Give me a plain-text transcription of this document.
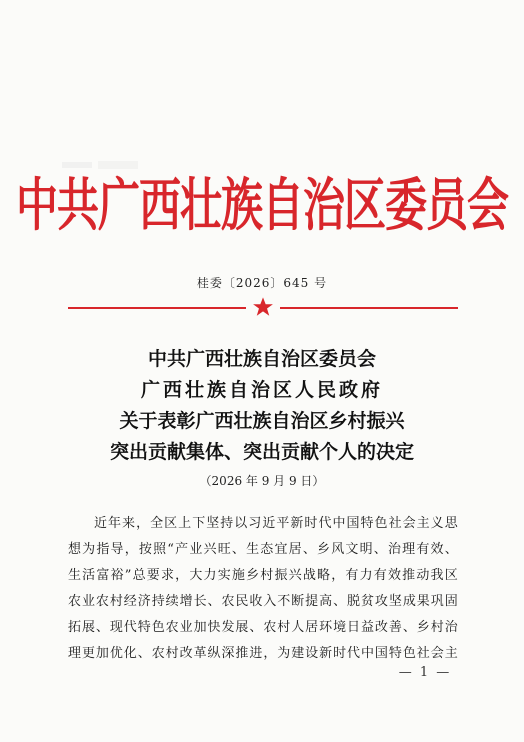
中共广西壮族自治区委员会
桂委〔2026〕645 号
中共广西壮族自治区委员会
广西壮族自治区人民政府
关于表彰广西壮族自治区乡村振兴
突出贡献集体、突出贡献个人的决定
（2026 年 9 月 9 日）
近年来，全区上下坚持以习近平新时代中国特色社会主义思
想为指导，按照“产业兴旺、生态宜居、乡风文明、治理有效、
生活富裕”总要求，大力实施乡村振兴战略，有力有效推动我区
农业农村经济持续增长、农民收入不断提高、脱贫攻坚成果巩固
拓展、现代特色农业加快发展、农村人居环境日益改善、乡村治
理更加优化、农村改革纵深推进，为建设新时代中国特色社会主
— 1 —
